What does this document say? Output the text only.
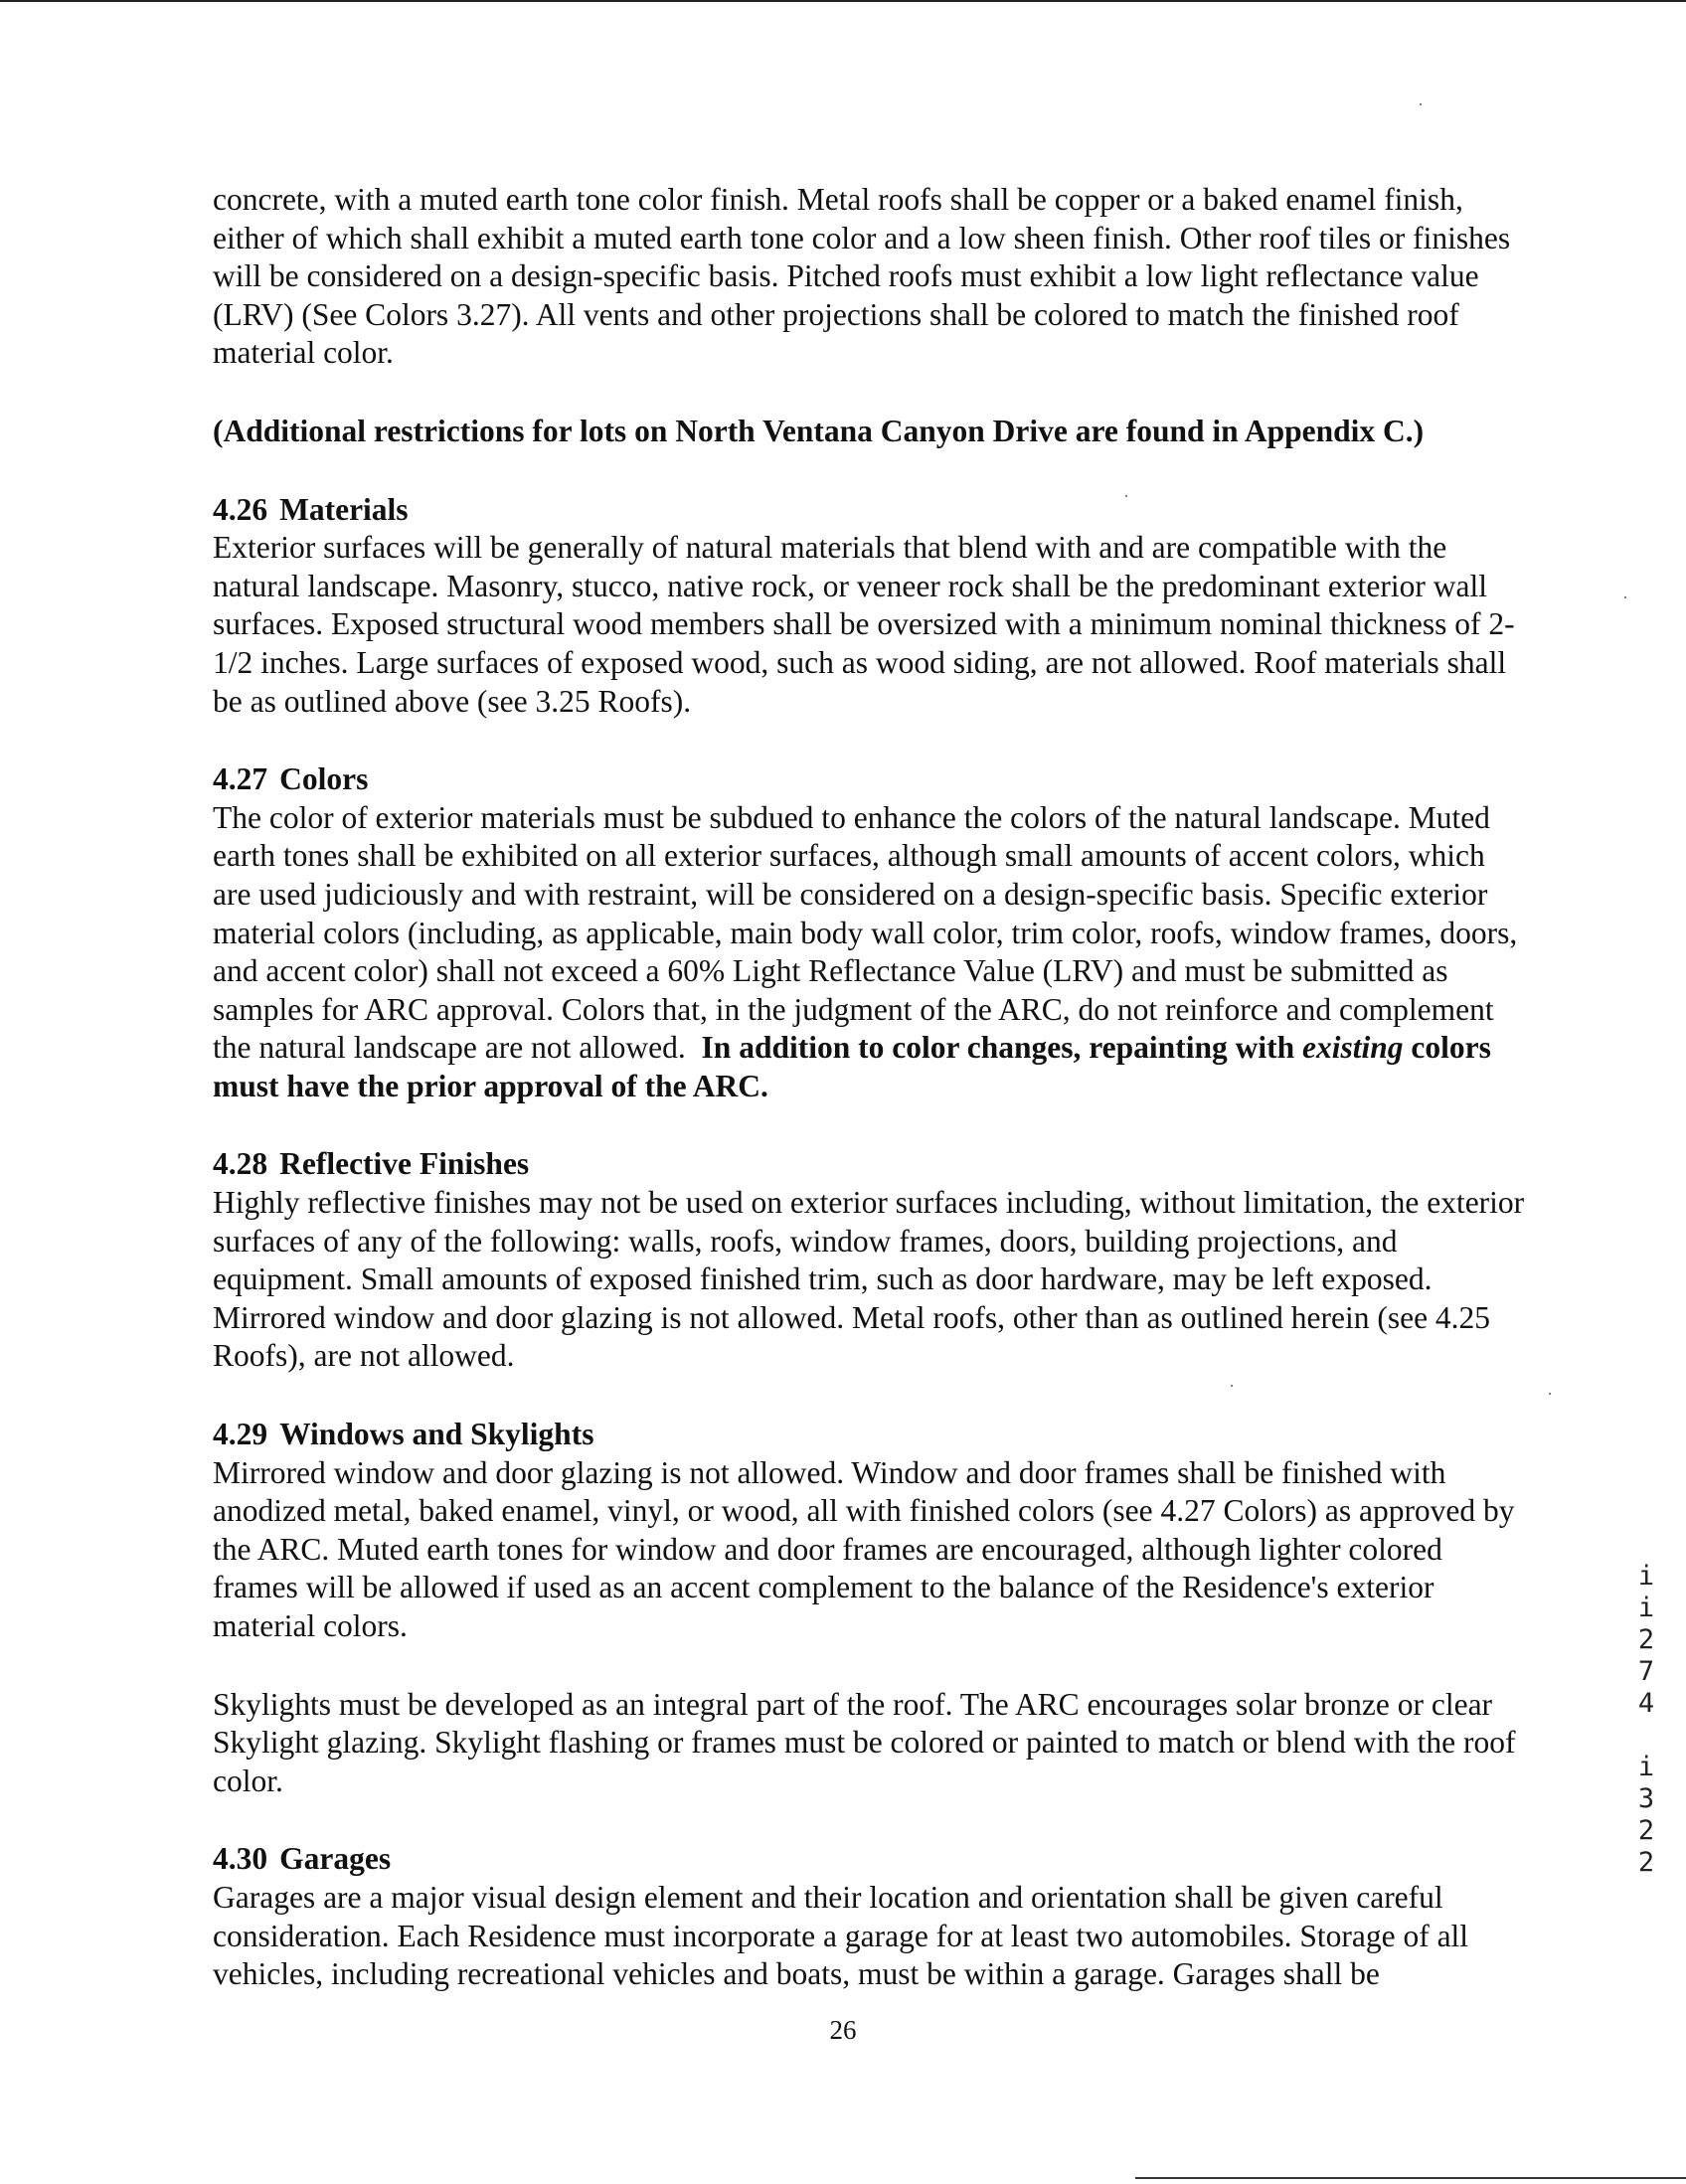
concrete, with a muted earth tone color finish. Metal roofs shall be copper or a baked enamel finish, either of which shall exhibit a muted earth tone color and a low sheen finish. Other roof tiles or finishes will be considered on a design-specific basis. Pitched roofs must exhibit a low light reflectance value (LRV) (See Colors 3.27). All vents and other projections shall be colored to match the finished roof material color.

(Additional restrictions for lots on North Ventana Canyon Drive are found in Appendix C.)

4.26 Materials

Exterior surfaces will be generally of natural materials that blend with and are compatible with the natural landscape. Masonry, stucco, native rock, or veneer rock shall be the predominant exterior wall surfaces. Exposed structural wood members shall be oversized with a minimum nominal thickness of 2-1/2 inches. Large surfaces of exposed wood, such as wood siding, are not allowed. Roof materials shall be as outlined above (see 3.25 Roofs).

4.27 Colors

The color of exterior materials must be subdued to enhance the colors of the natural landscape. Muted earth tones shall be exhibited on all exterior surfaces, although small amounts of accent colors, which are used judiciously and with restraint, will be considered on a design-specific basis. Specific exterior material colors (including, as applicable, main body wall color, trim color, roofs, window frames, doors, and accent color) shall not exceed a 60% Light Reflectance Value (LRV) and must be submitted as samples for ARC approval. Colors that, in the judgment of the ARC, do not reinforce and complement the natural landscape are not allowed. In addition to color changes, repainting with existing colors must have the prior approval of the ARC.

4.28 Reflective Finishes

Highly reflective finishes may not be used on exterior surfaces including, without limitation, the exterior surfaces of any of the following: walls, roofs, window frames, doors, building projections, and equipment. Small amounts of exposed finished trim, such as door hardware, may be left exposed. Mirrored window and door glazing is not allowed. Metal roofs, other than as outlined herein (see 4.25 Roofs), are not allowed.

4.29 Windows and Skylights

Mirrored window and door glazing is not allowed. Window and door frames shall be finished with anodized metal, baked enamel, vinyl, or wood, all with finished colors (see 4.27 Colors) as approved by the ARC. Muted earth tones for window and door frames are encouraged, although lighter colored frames will be allowed if used as an accent complement to the balance of the Residence's exterior material colors.

Skylights must be developed as an integral part of the roof. The ARC encourages solar bronze or clear Skylight glazing. Skylight flashing or frames must be colored or painted to match or blend with the roof color.

4.30 Garages

Garages are a major visual design element and their location and orientation shall be given careful consideration. Each Residence must incorporate a garage for at least two automobiles. Storage of all vehicles, including recreational vehicles and boats, must be within a garage. Garages shall be

26
i
i
2
7
4

i
3
2
2
